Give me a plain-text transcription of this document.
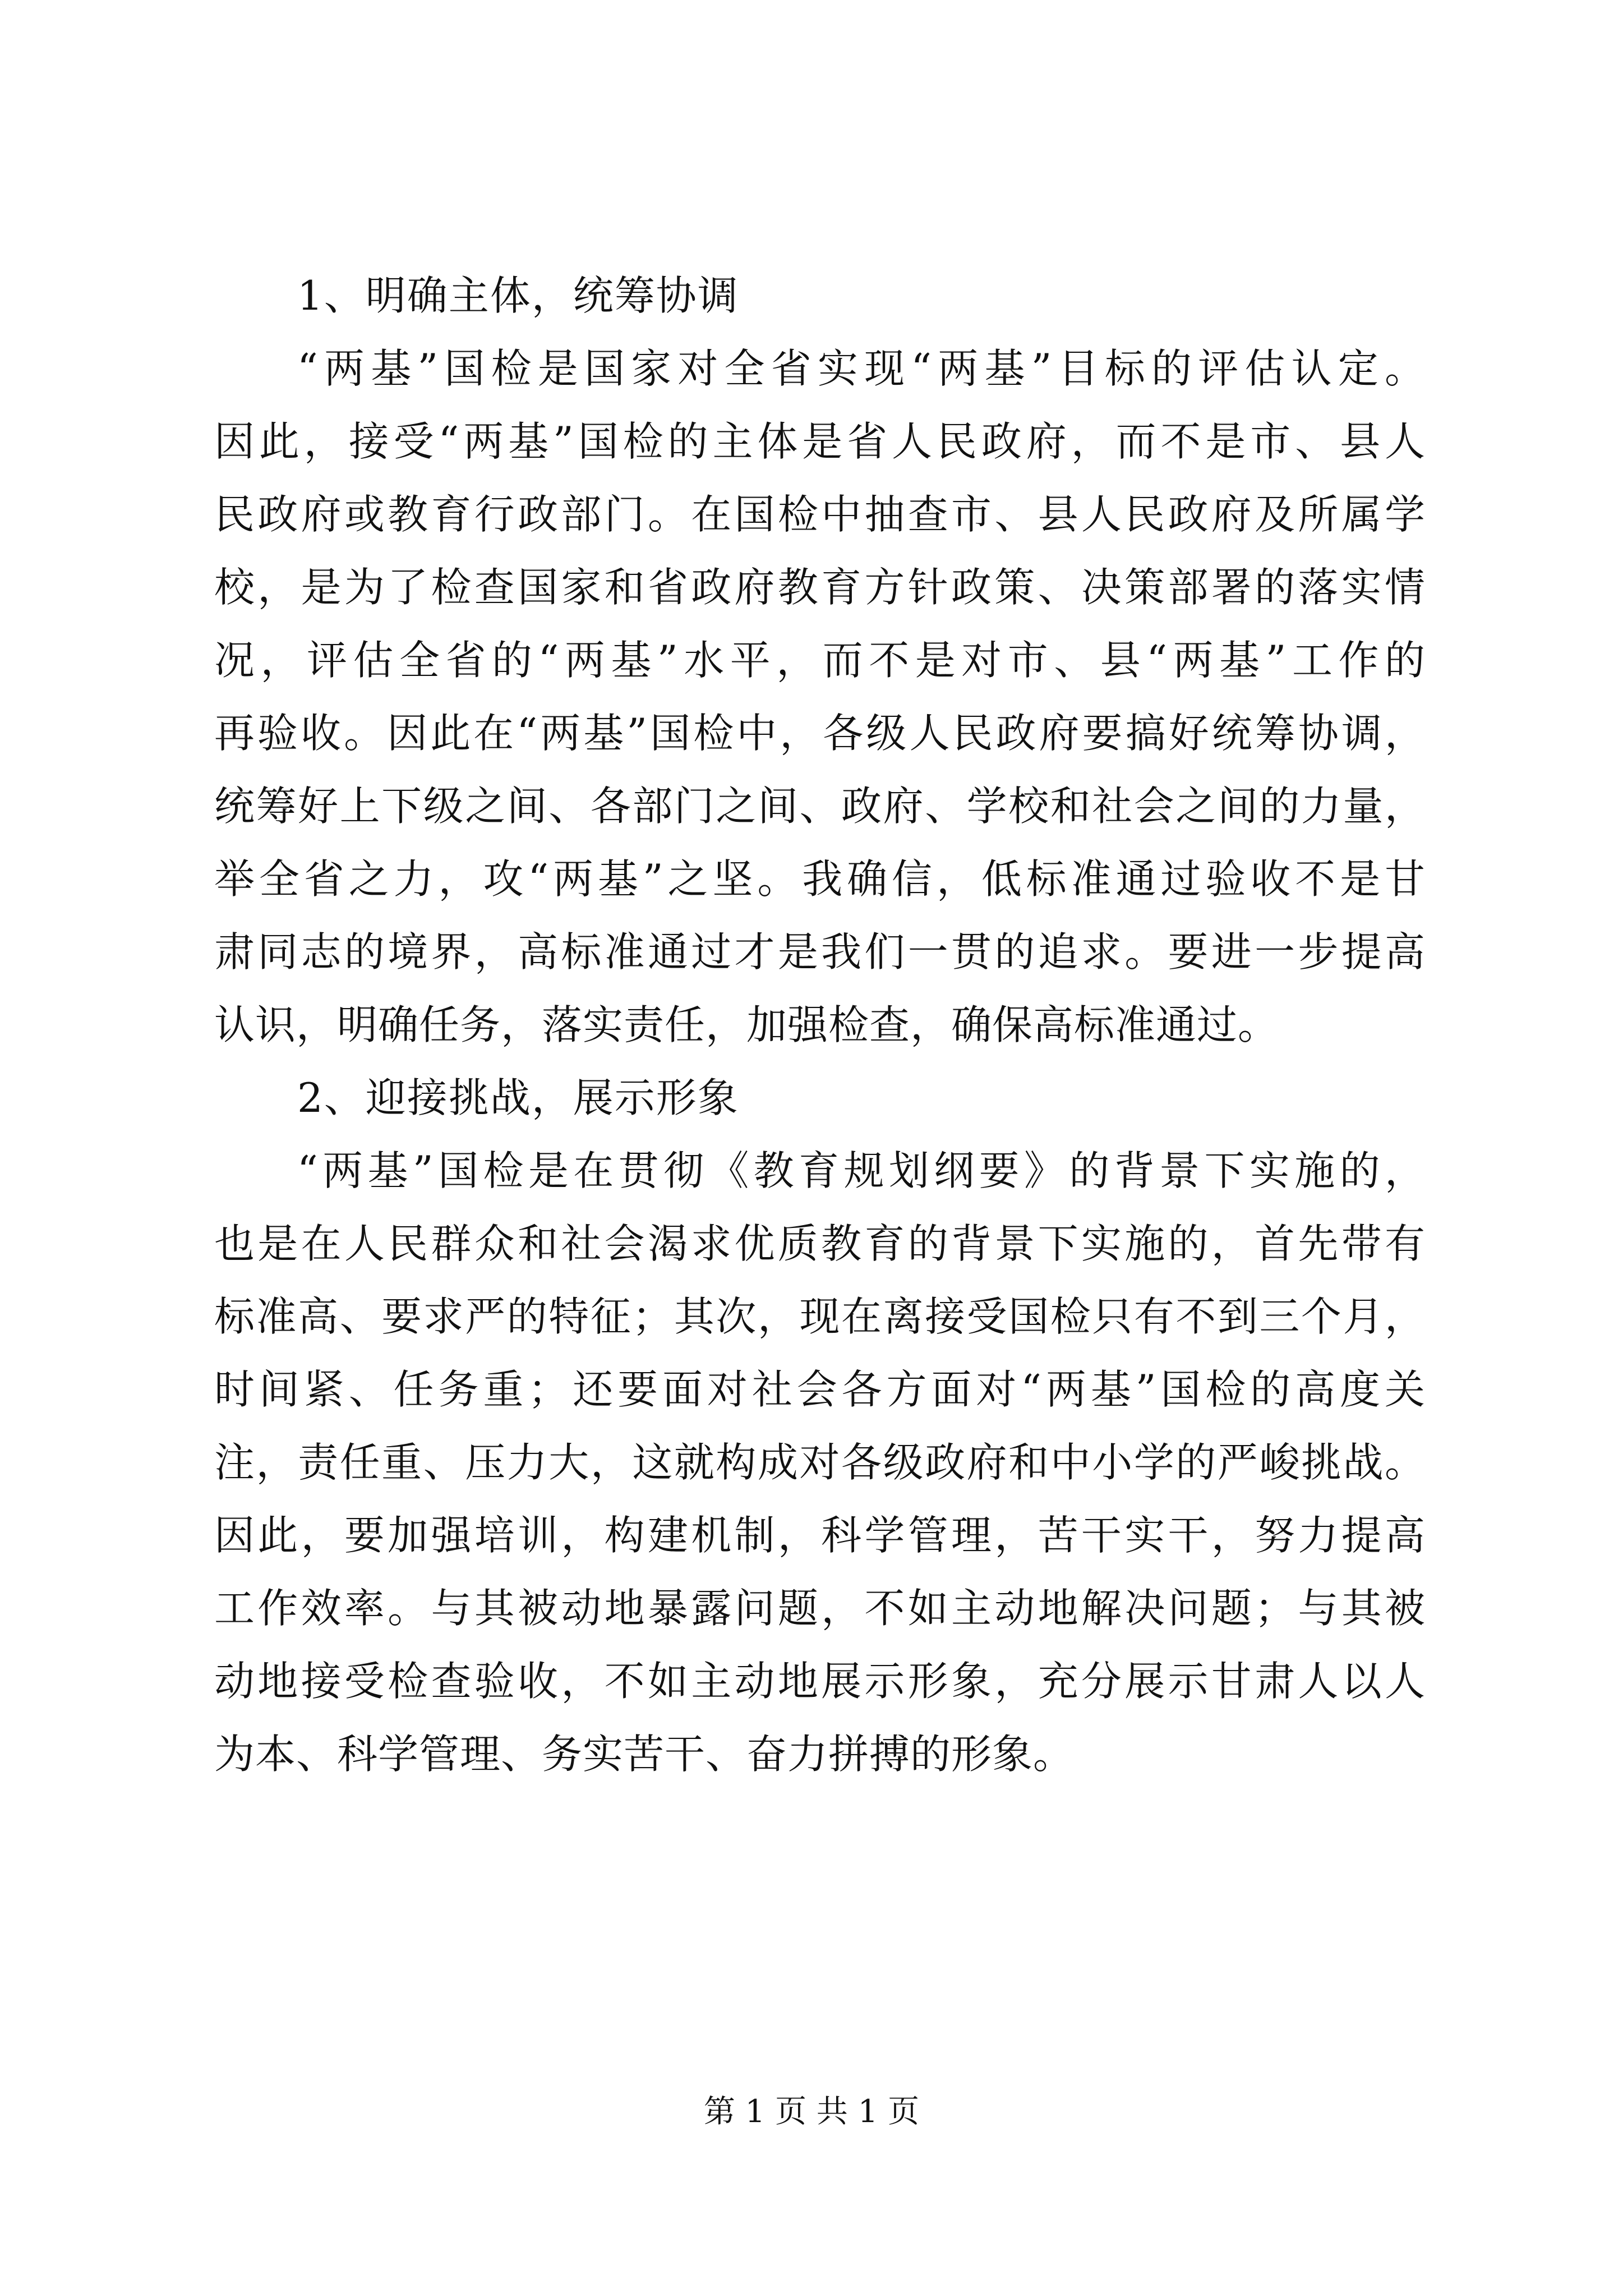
1、明确主体，统筹协调
“两基”国检是国家对全省实现“两基”目标的评估认定。
因此，接受“两基”国检的主体是省人民政府，而不是市、县人
民政府或教育行政部门。在国检中抽查市、县人民政府及所属学
校，是为了检查国家和省政府教育方针政策、决策部署的落实情
况，评估全省的“两基”水平，而不是对市、县“两基”工作的
再验收。因此在“两基”国检中，各级人民政府要搞好统筹协调，
统筹好上下级之间、各部门之间、政府、学校和社会之间的力量，
举全省之力，攻“两基”之坚。我确信，低标准通过验收不是甘
肃同志的境界，高标准通过才是我们一贯的追求。要进一步提高
认识，明确任务，落实责任，加强检查，确保高标准通过。
2、迎接挑战，展示形象
“两基”国检是在贯彻《教育规划纲要》的背景下实施的，
也是在人民群众和社会渴求优质教育的背景下实施的，首先带有
标准高、要求严的特征；其次，现在离接受国检只有不到三个月，
时间紧、任务重；还要面对社会各方面对“两基”国检的高度关
注，责任重、压力大，这就构成对各级政府和中小学的严峻挑战。
因此，要加强培训，构建机制，科学管理，苦干实干，努力提高
工作效率。与其被动地暴露问题，不如主动地解决问题；与其被
动地接受检查验收，不如主动地展示形象，充分展示甘肃人以人
为本、科学管理、务实苦干、奋力拼搏的形象。
第 1 页 共 1 页
